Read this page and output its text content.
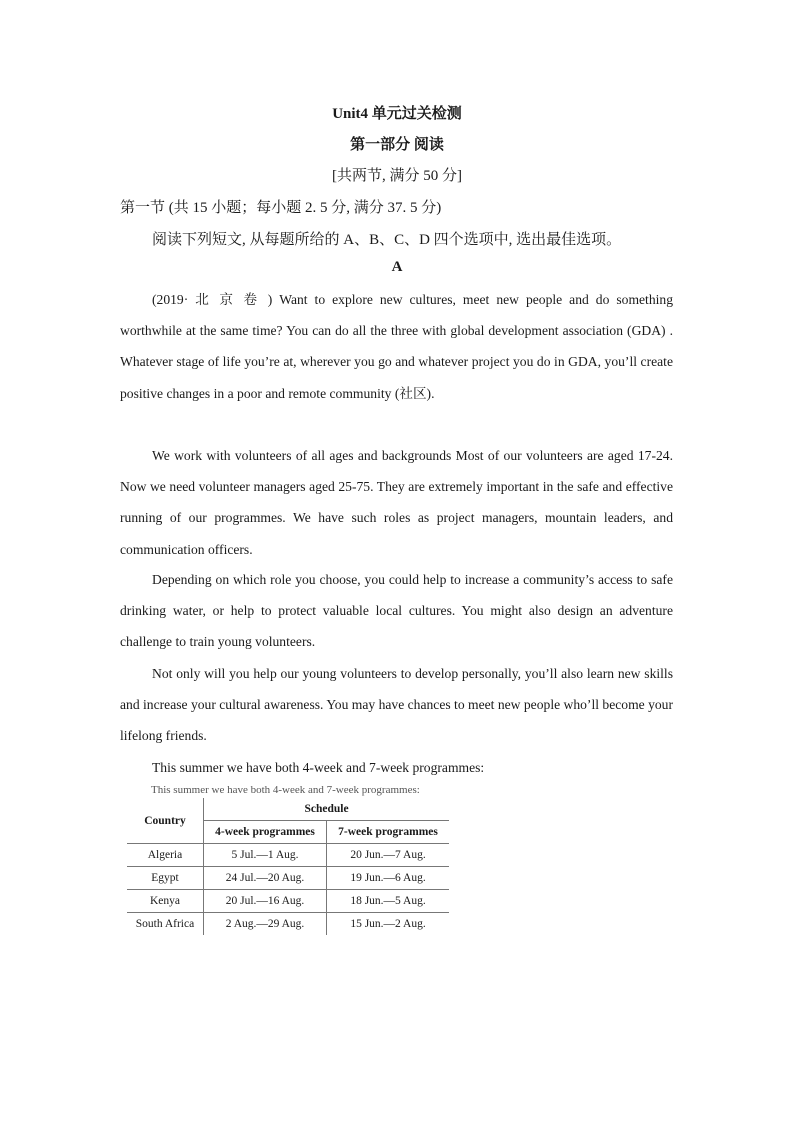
Unit4 单元过关检测
第一部分 阅读
[共两节, 满分 50 分]
第一节 (共 15 小题；每小题 2. 5 分, 满分 37. 5 分)
阅读下列短文, 从每题所给的 A、B、C、D 四个选项中, 选出最佳选项。
A

(2019· 北 京 卷 ) Want to explore new cultures, meet new people and do something worthwhile at the same time? You can do all the three with global development association (GDA) . Whatever stage of life you’re at, wherever you go and whatever project you do in GDA, you’ll create positive changes in a poor and remote community (社区).

We work with volunteers of all ages and backgrounds Most of our volunteers are aged 17-24. Now we need volunteer managers aged 25-75. They are extremely important in the safe and effective running of our programmes. We have such roles as project managers, mountain leaders, and communication officers.

Depending on which role you choose, you could help to increase a community’s access to safe drinking water, or help to protect valuable local cultures. You might also design an adventure challenge to train young volunteers.

Not only will you help our young volunteers to develop personally, you’ll also learn new skills and increase your cultural awareness. You may have chances to meet new people who’ll become your lifelong friends.

This summer we have both 4-week and 7-week programmes:

This summer we have both 4-week and 7-week programmes:
Country	Schedule	
	4-week programmes	7-week programmes
Algeria	5 Jul.—1 Aug.	20 Jun.—7 Aug.
Egypt	24 Jul.—20 Aug.	19 Jun.—6 Aug.
Kenya	20 Jul.—16 Aug.	18 Jun.—5 Aug.
South Africa	2 Aug.—29 Aug.	15 Jun.—2 Aug.
